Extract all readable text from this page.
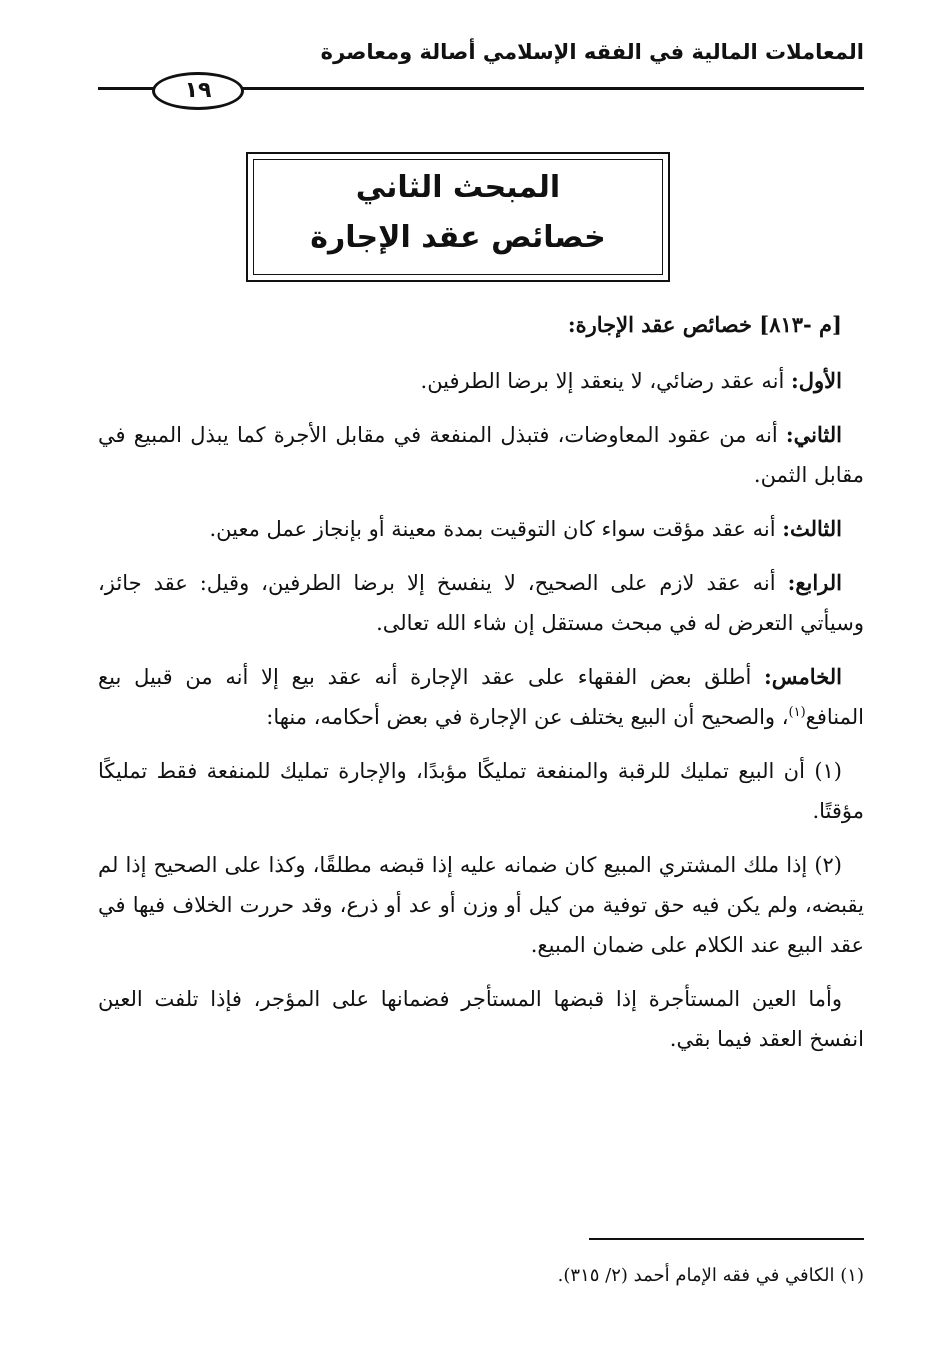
المعاملات المالية في الفقه الإسلامي أصالة ومعاصرة
١٩
المبحث الثاني
خصائص عقد الإجارة

[م -٨١٣] خصائص عقد الإجارة:

الأول: أنه عقد رضائي، لا ينعقد إلا برضا الطرفين.

الثاني: أنه من عقود المعاوضات، فتبذل المنفعة في مقابل الأجرة كما يبذل المبيع في مقابل الثمن.

الثالث: أنه عقد مؤقت سواء كان التوقيت بمدة معينة أو بإنجاز عمل معين.

الرابع: أنه عقد لازم على الصحيح، لا ينفسخ إلا برضا الطرفين، وقيل: عقد جائز، وسيأتي التعرض له في مبحث مستقل إن شاء الله تعالى.

الخامس: أطلق بعض الفقهاء على عقد الإجارة أنه عقد بيع إلا أنه من قبيل بيع المنافع$^{(١)}$، والصحيح أن البيع يختلف عن الإجارة في بعض أحكامه، منها:

(١) أن البيع تمليك للرقبة والمنفعة تمليكًا مؤبدًا، والإجارة تمليك للمنفعة فقط تمليكًا مؤقتًا.

(٢) إذا ملك المشتري المبيع كان ضمانه عليه إذا قبضه مطلقًا، وكذا على الصحيح إذا لم يقبضه، ولم يكن فيه حق توفية من كيل أو وزن أو عد أو ذرع، وقد حررت الخلاف فيها في عقد البيع عند الكلام على ضمان المبيع.

وأما العين المستأجرة إذا قبضها المستأجر فضمانها على المؤجر، فإذا تلفت العين انفسخ العقد فيما بقي.

(١) الكافي في فقه الإمام أحمد (٢/ ٣١٥).
